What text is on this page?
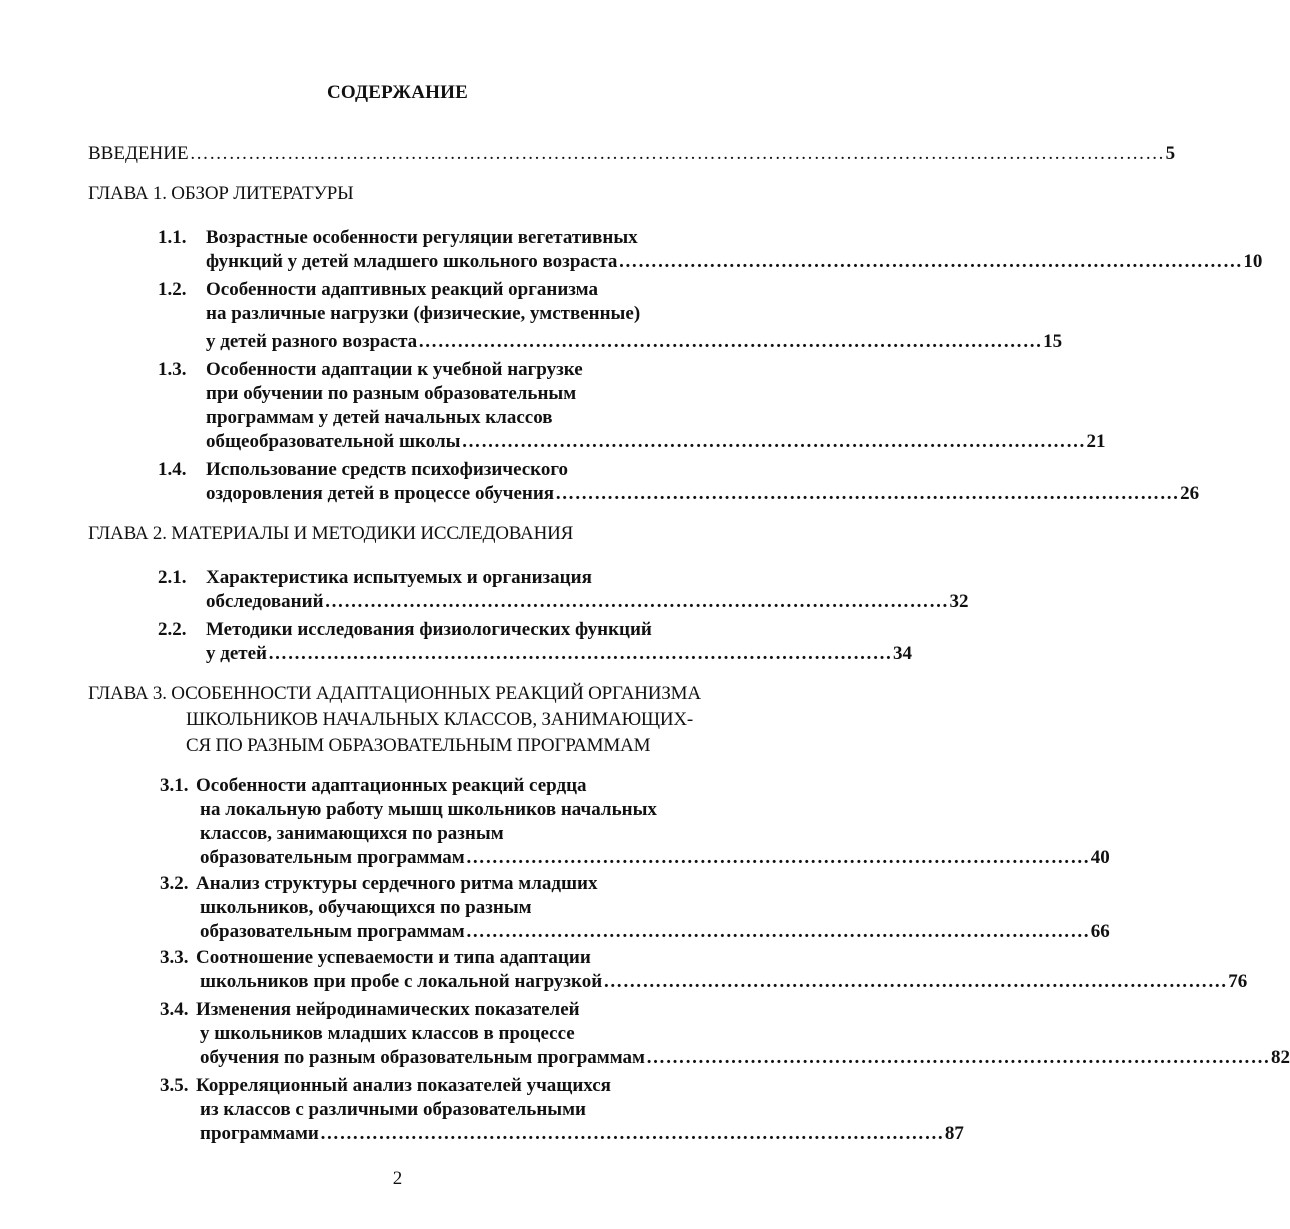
СОДЕРЖАНИЕ
ВВЕДЕНИЕ …………………………………………………………………………………………………………………………………… 5
ГЛАВА 1. ОБЗОР ЛИТЕРАТУРЫ
1.1. Возрастные особенности регуляции вегетативных
функций у детей младшего школьного возраста …………………………………………………………………………………… 10
1.2. Особенности адаптивных реакций организма
на различные нагрузки (физические, умственные)
у детей разного возраста …………………………………………………………………………………… 15
1.3. Особенности адаптации к учебной нагрузке
при обучении по разным образовательным
программам у детей начальных классов
общеобразовательной школы …………………………………………………………………………………… 21
1.4. Использование средств психофизического
оздоровления детей в процессе обучения …………………………………………………………………………………… 26
ГЛАВА 2. МАТЕРИАЛЫ И МЕТОДИКИ ИССЛЕДОВАНИЯ
2.1. Характеристика испытуемых и организация
обследований …………………………………………………………………………………… 32
2.2. Методики исследования физиологических функций
у детей …………………………………………………………………………………… 34
ГЛАВА 3. ОСОБЕННОСТИ АДАПТАЦИОННЫХ РЕАКЦИЙ ОРГАНИЗМА
ШКОЛЬНИКОВ НАЧАЛЬНЫХ КЛАССОВ, ЗАНИМАЮЩИХ-
СЯ ПО РАЗНЫМ ОБРАЗОВАТЕЛЬНЫМ ПРОГРАММАМ
3.1. Особенности адаптационных реакций сердца
на локальную работу мышц школьников начальных
классов, занимающихся по разным
образовательным программам …………………………………………………………………………………… 40
3.2. Анализ структуры сердечного ритма младших
школьников, обучающихся по разным
образовательным программам …………………………………………………………………………………… 66
3.3. Соотношение успеваемости и типа адаптации
школьников при пробе с локальной нагрузкой …………………………………………………………………………………… 76
3.4. Изменения нейродинамических показателей
у школьников младших классов в процессе
обучения по разным образовательным программам …………………………………………………………………………………… 82
3.5. Корреляционный анализ показателей учащихся
из классов с различными образовательными
программами …………………………………………………………………………………… 87
2
